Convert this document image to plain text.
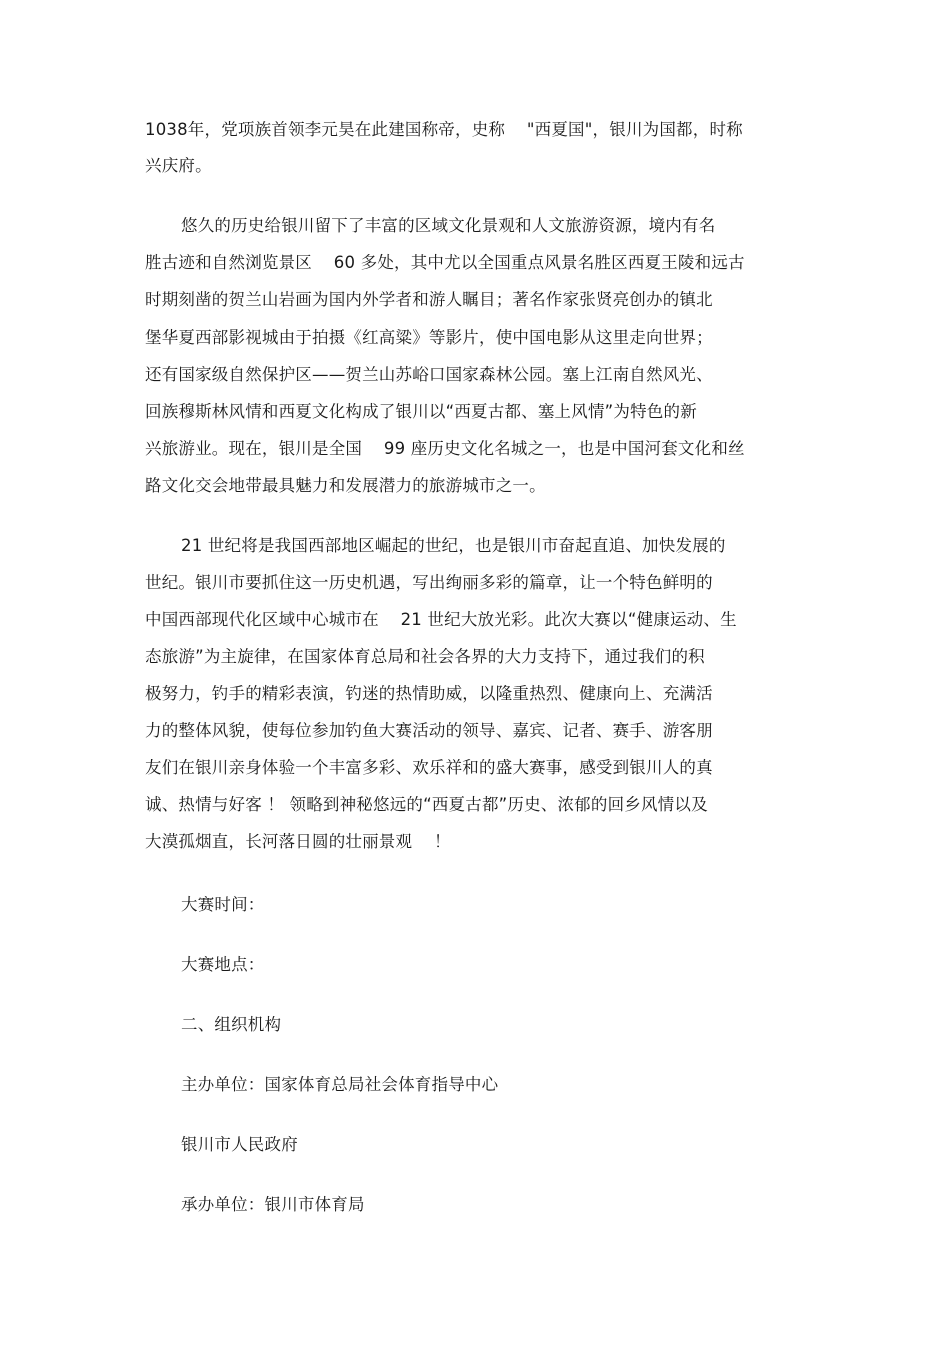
1038年，党项族首领李元昊在此建国称帝，史称    "西夏国"，银川为国都，时称
兴庆府。
悠久的历史给银川留下了丰富的区域文化景观和人文旅游资源，境内有名
胜古迹和自然浏览景区    60 多处，其中尤以全国重点风景名胜区西夏王陵和远古
时期刻凿的贺兰山岩画为国内外学者和游人瞩目；著名作家张贤亮创办的镇北
堡华夏西部影视城由于拍摄《红高粱》等影片，使中国电影从这里走向世界；
还有国家级自然保护区——贺兰山苏峪口国家森林公园。塞上江南自然风光、
回族穆斯林风情和西夏文化构成了银川以“西夏古都、塞上风情”为特色的新
兴旅游业。现在，银川是全国    99 座历史文化名城之一，也是中国河套文化和丝
路文化交会地带最具魅力和发展潜力的旅游城市之一。
21 世纪将是我国西部地区崛起的世纪，也是银川市奋起直追、加快发展的
世纪。银川市要抓住这一历史机遇，写出绚丽多彩的篇章，让一个特色鲜明的
中国西部现代化区域中心城市在    21 世纪大放光彩。此次大赛以“健康运动、生
态旅游”为主旋律，在国家体育总局和社会各界的大力支持下，通过我们的积
极努力，钓手的精彩表演，钓迷的热情助威，以隆重热烈、健康向上、充满活
力的整体风貌，使每位参加钓鱼大赛活动的领导、嘉宾、记者、赛手、游客朋
友们在银川亲身体验一个丰富多彩、欢乐祥和的盛大赛事，感受到银川人的真
诚、热情与好客 ！ 领略到神秘悠远的“西夏古都”历史、浓郁的回乡风情以及
大漠孤烟直，长河落日圆的壮丽景观    ！
大赛时间：
大赛地点：
二、组织机构
主办单位：国家体育总局社会体育指导中心
银川市人民政府
承办单位：银川市体育局
